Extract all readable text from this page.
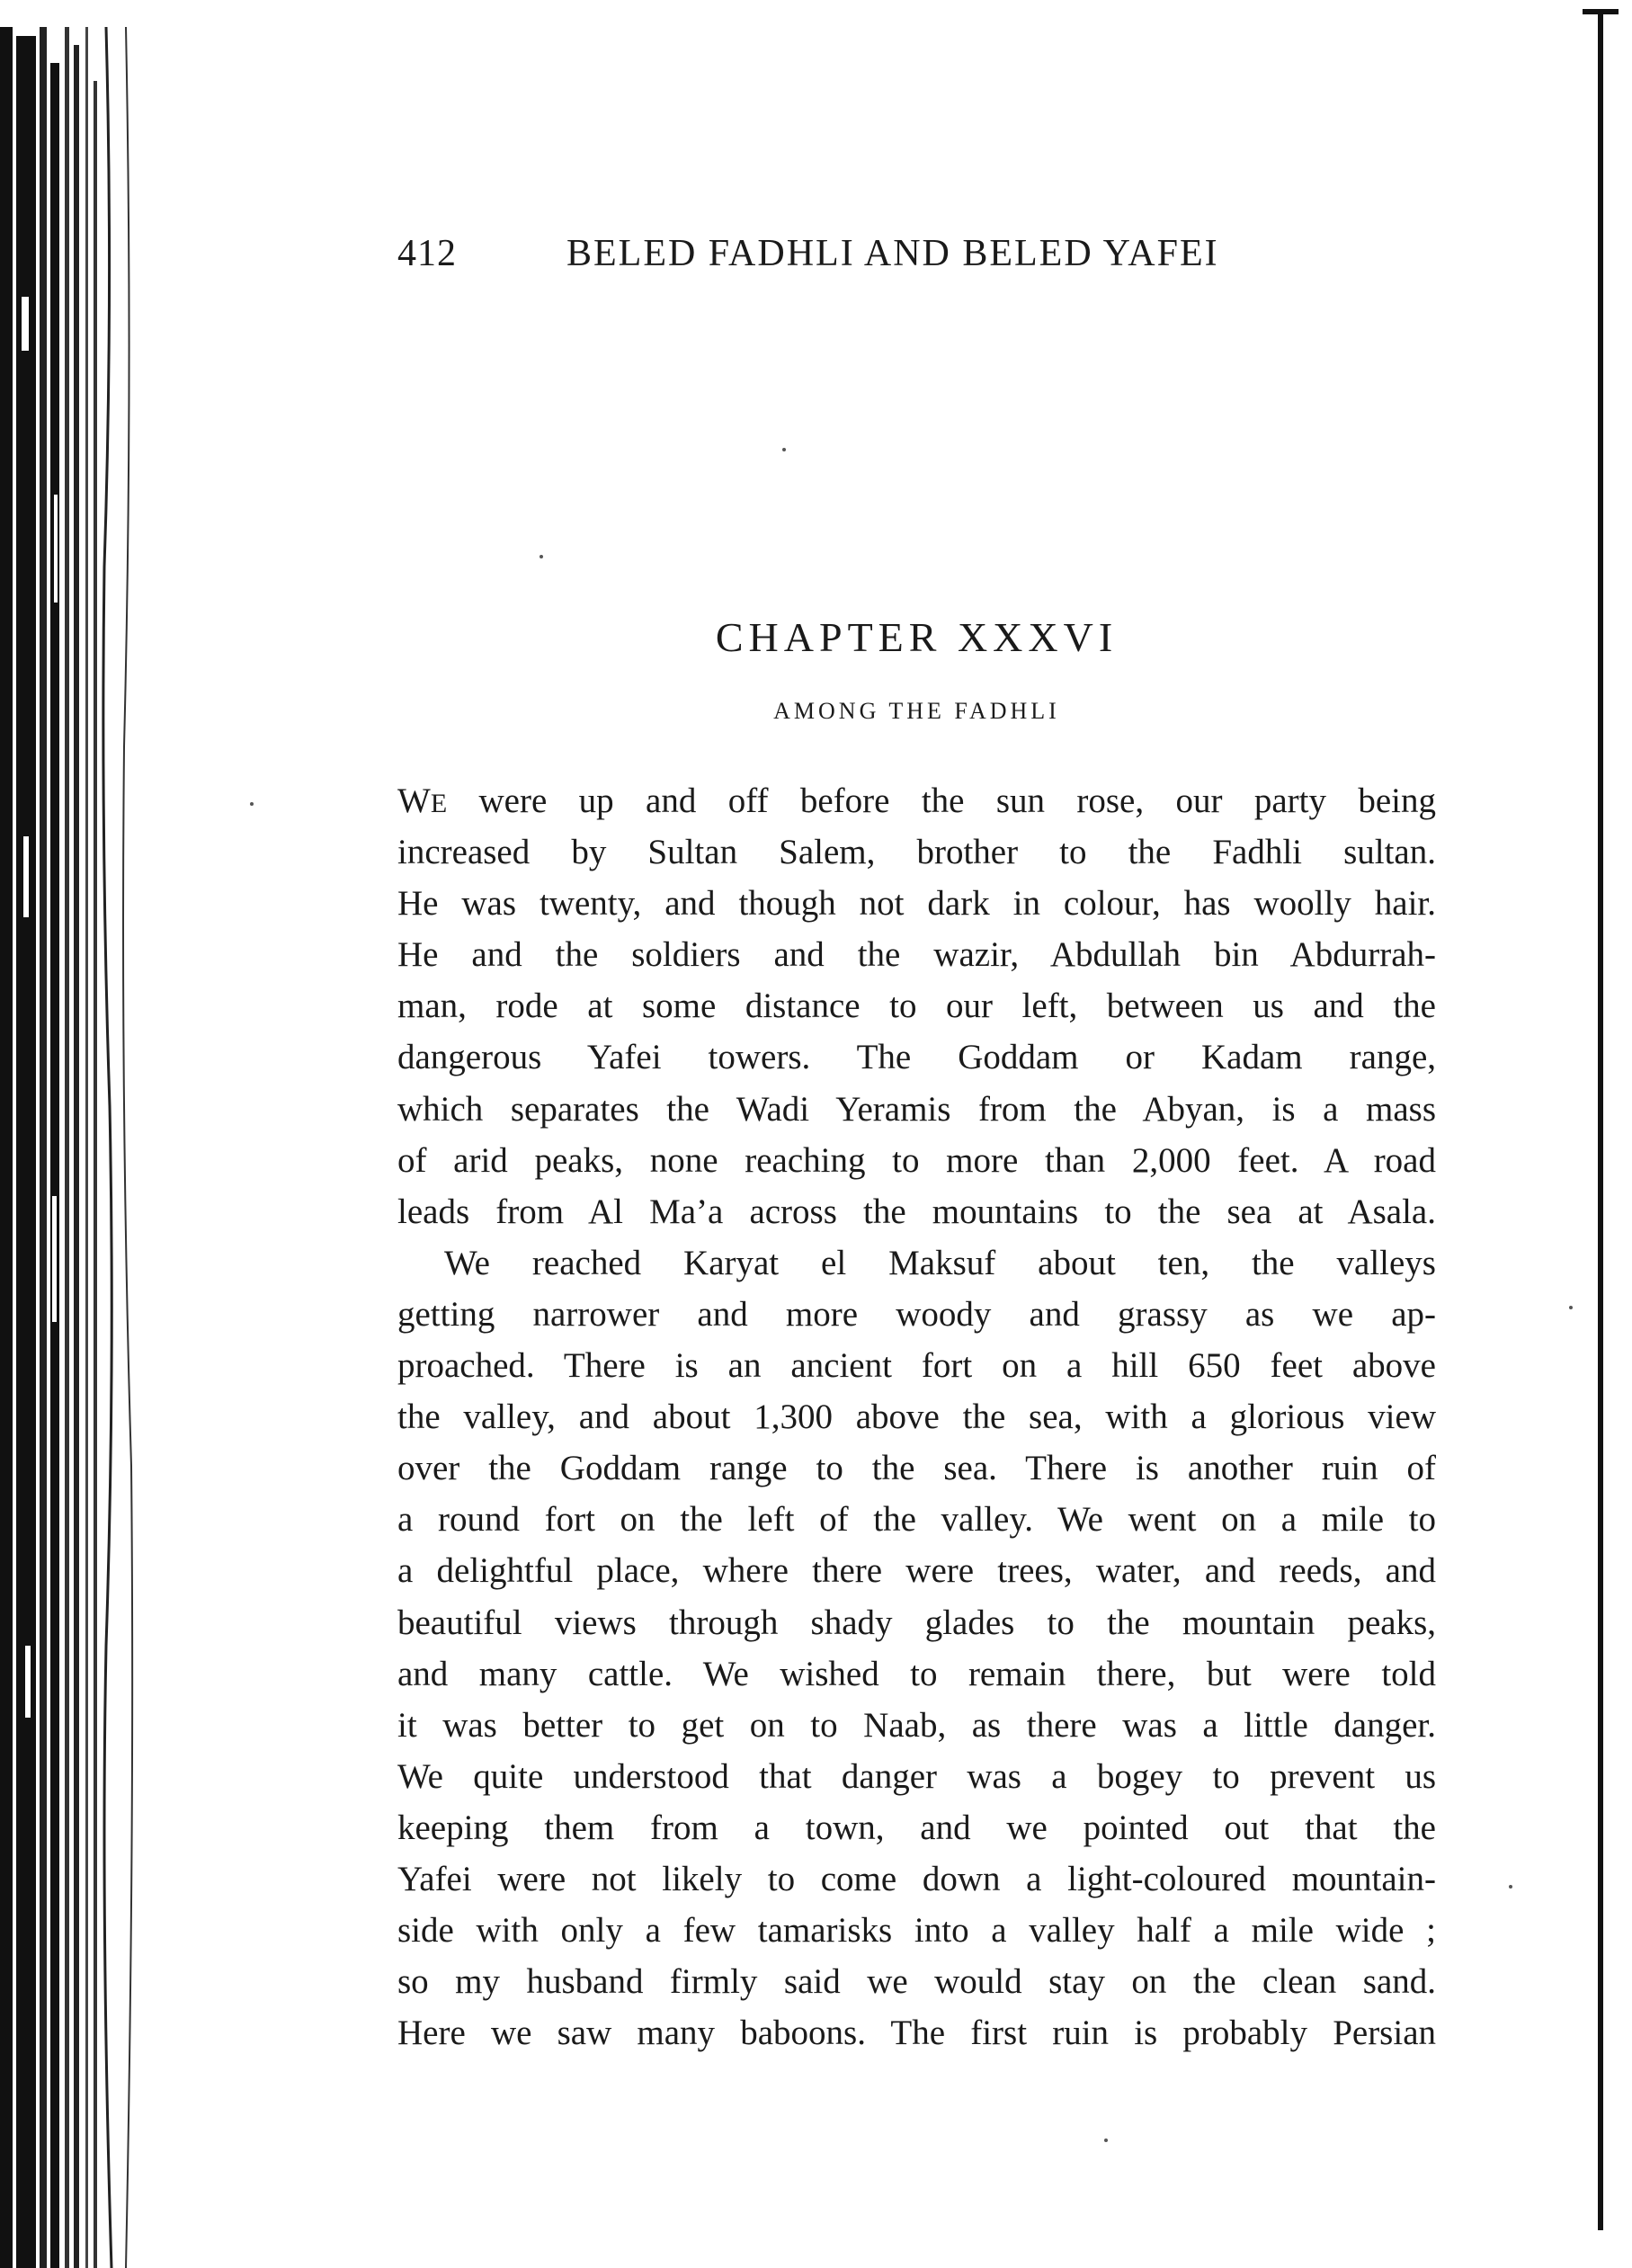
412	BELED FADHLI AND BELED YAFEI
CHAPTER XXXVI
AMONG THE FADHLI
WE were up and off before the sun rose, our party being
increased by Sultan Salem, brother to the Fadhli sultan.
He was twenty, and though not dark in colour, has woolly hair.
He and the soldiers and the wazir, Abdullah bin Abdurrah-
man, rode at some distance to our left, between us and the
dangerous Yafei towers. The Goddam or Kadam range,
which separates the Wadi Yeramis from the Abyan, is a mass
of arid peaks, none reaching to more than 2,000 feet. A road
leads from Al Ma’a across the mountains to the sea at Asala.
We reached Karyat el Maksuf about ten, the valleys
getting narrower and more woody and grassy as we ap-
proached. There is an ancient fort on a hill 650 feet above
the valley, and about 1,300 above the sea, with a glorious view
over the Goddam range to the sea. There is another ruin of
a round fort on the left of the valley. We went on a mile to
a delightful place, where there were trees, water, and reeds, and
beautiful views through shady glades to the mountain peaks,
and many cattle. We wished to remain there, but were told
it was better to get on to Naab, as there was a little danger.
We quite understood that danger was a bogey to prevent us
keeping them from a town, and we pointed out that the
Yafei were not likely to come down a light-coloured mountain-
side with only a few tamarisks into a valley half a mile wide ;
so my husband firmly said we would stay on the clean sand.
Here we saw many baboons. The first ruin is probably Persian
